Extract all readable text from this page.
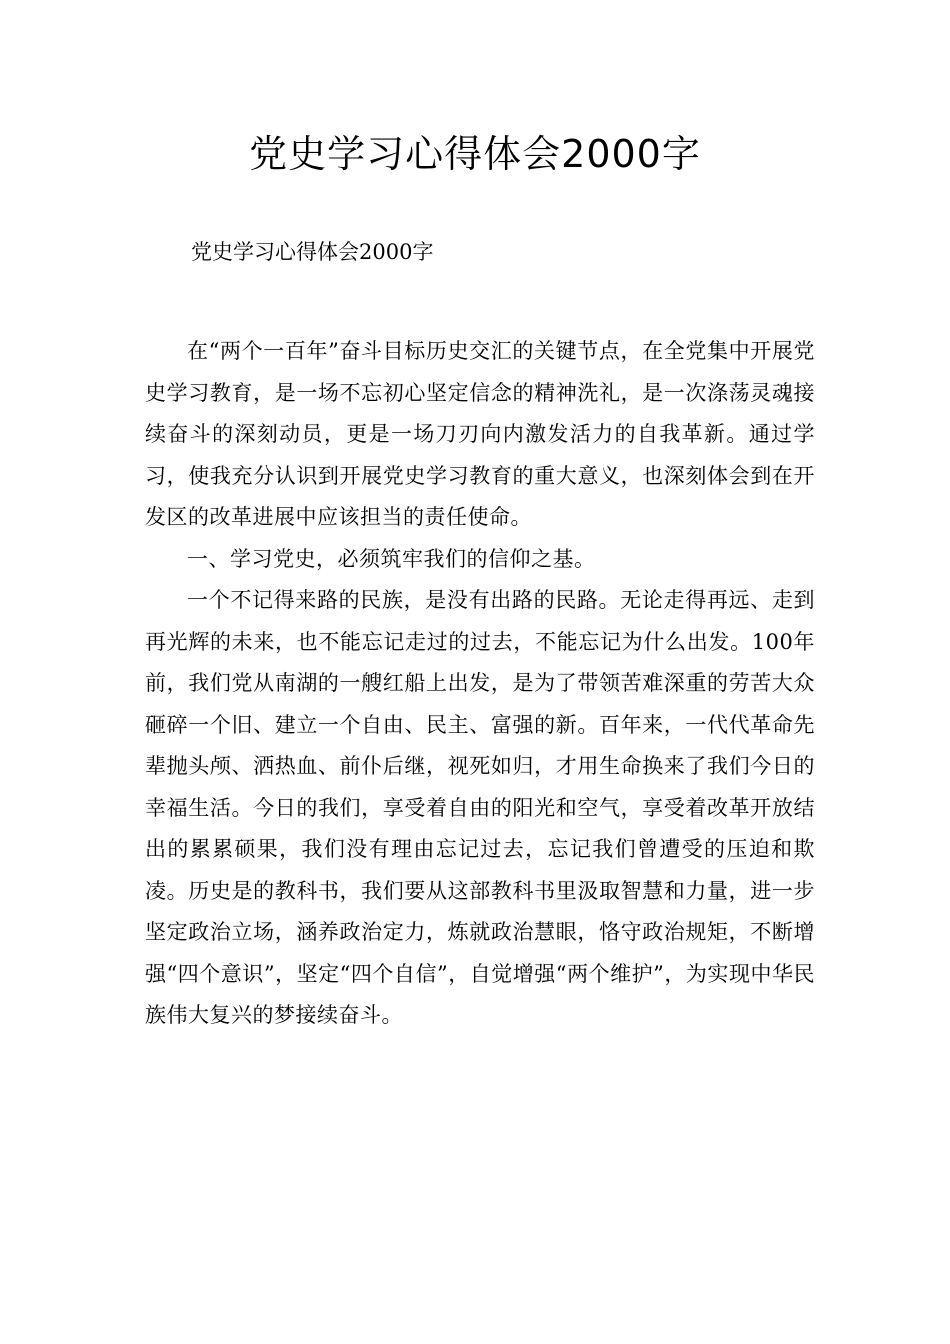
党史学习心得体会2000字
党史学习心得体会2000字

在“两个一百年”奋斗目标历史交汇的关键节点，在全党集中开展党史学习教育，是一场不忘初心坚定信念的精神洗礼，是一次涤荡灵魂接续奋斗的深刻动员，更是一场刀刃向内激发活力的自我革新。通过学习，使我充分认识到开展党史学习教育的重大意义，也深刻体会到在开发区的改革进展中应该担当的责任使命。

一、学习党史，必须筑牢我们的信仰之基。

一个不记得来路的民族，是没有出路的民路。无论走得再远、走到再光辉的未来，也不能忘记走过的过去，不能忘记为什么出发。100年前，我们党从南湖的一艘红船上出发，是为了带领苦难深重的劳苦大众砸碎一个旧、建立一个自由、民主、富强的新。百年来，一代代革命先辈抛头颅、洒热血、前仆后继，视死如归，才用生命换来了我们今日的幸福生活。今日的我们，享受着自由的阳光和空气，享受着改革开放结出的累累硕果，我们没有理由忘记过去，忘记我们曾遭受的压迫和欺凌。历史是的教科书，我们要从这部教科书里汲取智慧和力量，进一步坚定政治立场，涵养政治定力，炼就政治慧眼，恪守政治规矩，不断增强“四个意识”，坚定“四个自信”，自觉增强“两个维护”，为实现中华民族伟大复兴的梦接续奋斗。
